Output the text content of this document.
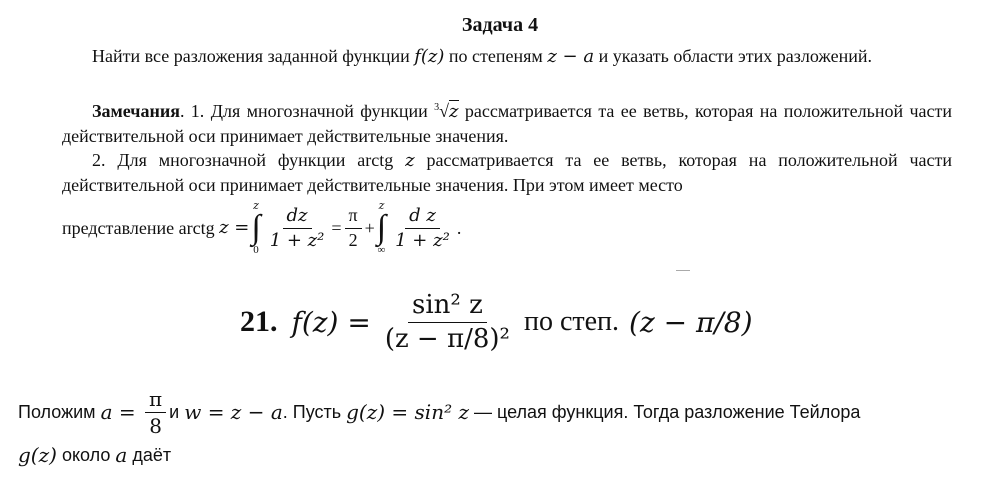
Задача 4
Найти все разложения заданной функции f(z) по степеням z − a и указать области этих разложений.
Замечания. 1. Для многозначной функции $^3$√z рассматривается та ее ветвь, которая на положительной части действительной оси принимает действительные значения.
2. Для многозначной функции arctg z рассматривается та ее ветвь, которая на положительной части действительной оси принимает действительные значения. При этом имеет место
представление arctg
z =
z
∫
$0 \frac{dz}{\text{1 + z²}} = \frac{\pi}{2}$ +
z
∫
∞ $\frac{\text{d z}}{\text{1 + z²}}$ .
21. $f(z) = \frac{\text{sin² z}}{\text{(z − π/8)²}}$ по степ. (z − π/8)
Положим
$a = \frac{\pi}{8}$ и
w = z − a . Пусть
g(z) = sin² z
— целая функция. Тогда разложение Тейлора
g(z)
около
a
даёт
